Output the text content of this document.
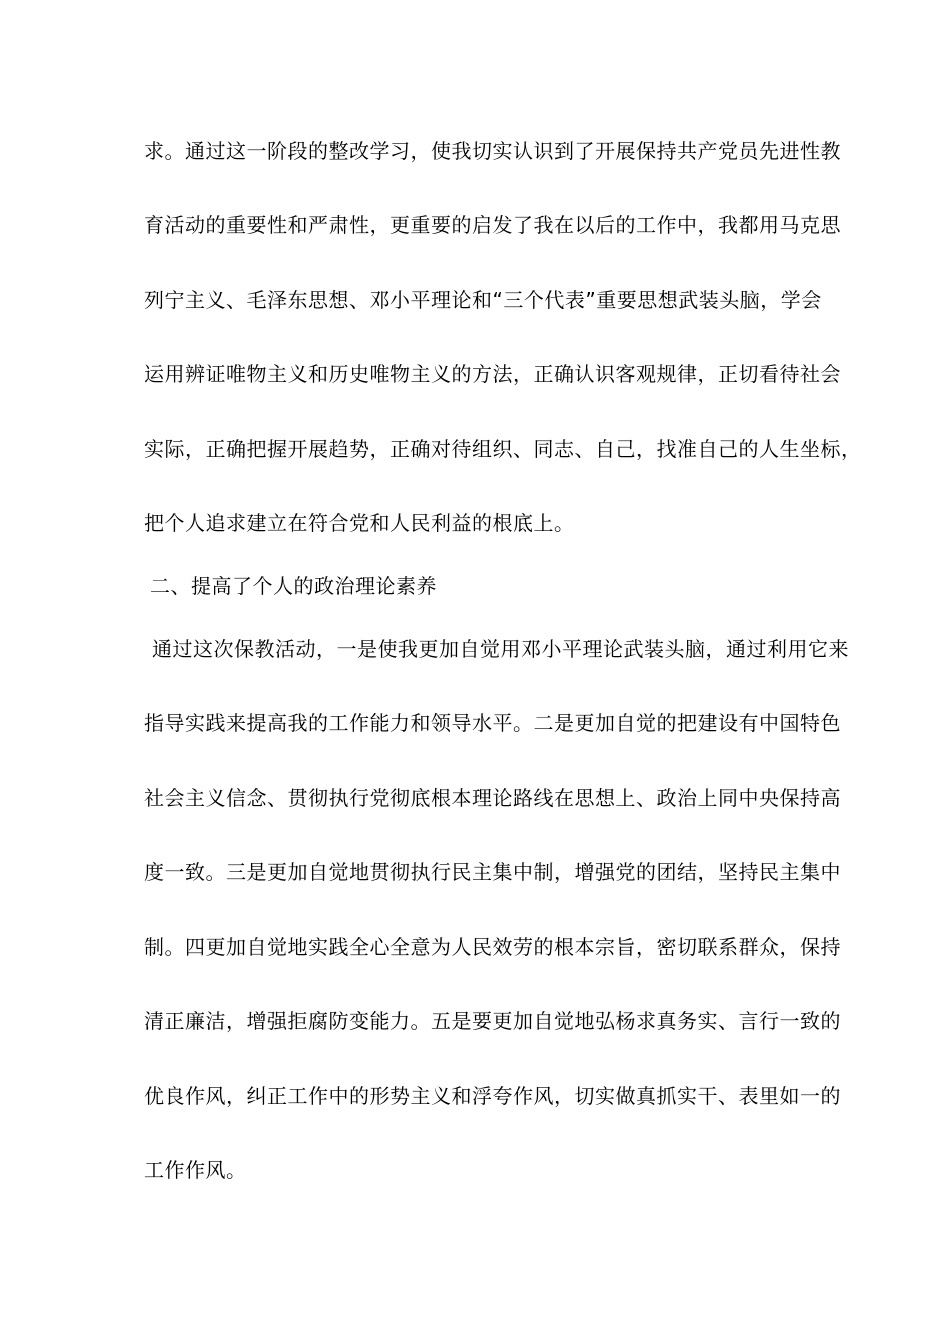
求。通过这一阶段的整改学习，使我切实认识到了开展保持共产党员先进性教
育活动的重要性和严肃性，更重要的启发了我在以后的工作中，我都用马克思
列宁主义、毛泽东思想、邓小平理论和“三个代表”重要思想武装头脑，学会
运用辨证唯物主义和历史唯物主义的方法，正确认识客观规律，正切看待社会
实际，正确把握开展趋势，正确对待组织、同志、自己，找准自己的人生坐标，
把个人追求建立在符合党和人民利益的根底上。
二、提高了个人的政治理论素养
通过这次保教活动，一是使我更加自觉用邓小平理论武装头脑，通过利用它来
指导实践来提高我的工作能力和领导水平。二是更加自觉的把建设有中国特色
社会主义信念、贯彻执行党彻底根本理论路线在思想上、政治上同中央保持高
度一致。三是更加自觉地贯彻执行民主集中制，增强党的团结，坚持民主集中
制。四更加自觉地实践全心全意为人民效劳的根本宗旨，密切联系群众，保持
清正廉洁，增强拒腐防变能力。五是要更加自觉地弘杨求真务实、言行一致的
优良作风，纠正工作中的形势主义和浮夸作风，切实做真抓实干、表里如一的
工作作风。
